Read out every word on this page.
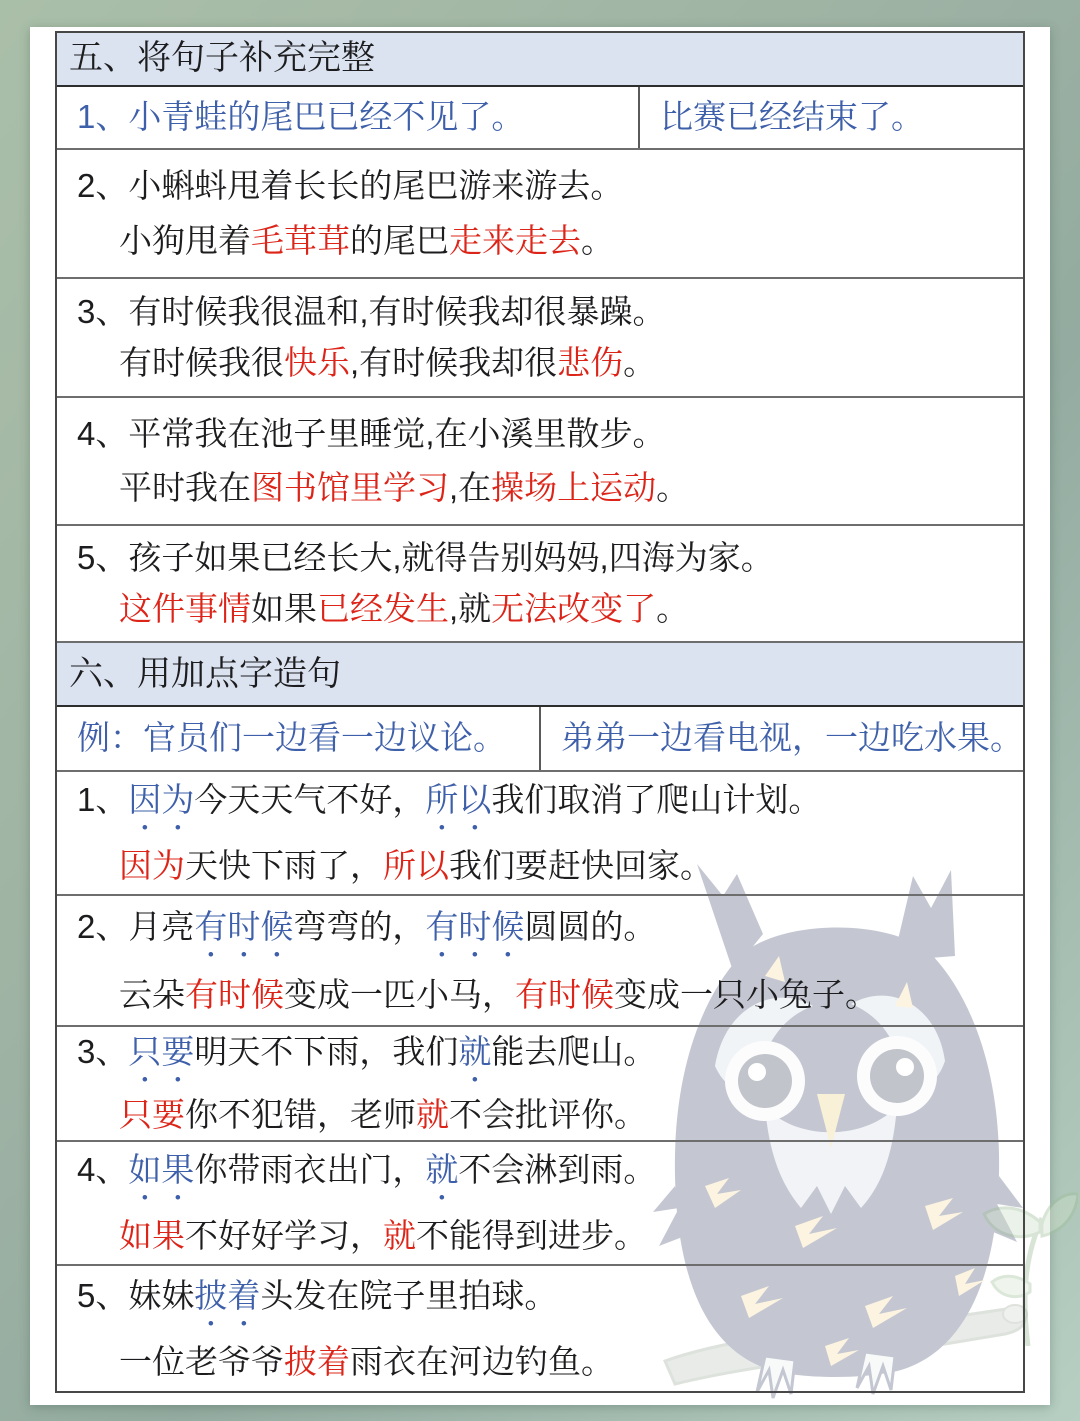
五、将句子补充完整
1、小青蛙的尾巴已经不见了。	比赛已经结束了。
2、小蝌蚪甩着长长的尾巴游来游去。
小狗甩着毛茸茸的尾巴走来走去。
3、有时候我很温和,有时候我却很暴躁。
有时候我很快乐,有时候我却很悲伤。
4、平常我在池子里睡觉,在小溪里散步。
平时我在图书馆里学习,在操场上运动。
5、孩子如果已经长大,就得告别妈妈,四海为家。
这件事情如果已经发生,就无法改变了。
六、用加点字造句
例：官员们一边看一边议论。	弟弟一边看电视，一边吃水果。
1、因为今天天气不好，所以我们取消了爬山计划。
因为天快下雨了，所以我们要赶快回家。
2、月亮有时候弯弯的，有时候圆圆的。
云朵有时候变成一匹小马，有时候变成一只小兔子。
3、只要明天不下雨，我们就能去爬山。
只要你不犯错，老师就不会批评你。
4、如果你带雨衣出门，就不会淋到雨。
如果不好好学习，就不能得到进步。
5、妹妹披着头发在院子里拍球。
一位老爷爷披着雨衣在河边钓鱼。
